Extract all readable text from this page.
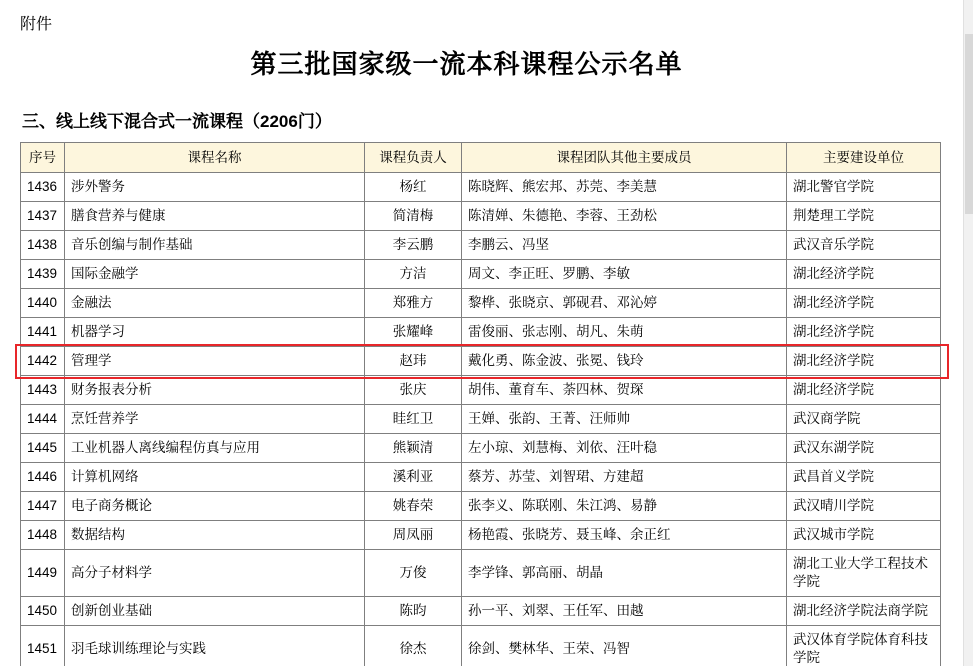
附件
第三批国家级一流本科课程公示名单
三、线上线下混合式一流课程（2206门）
序号	课程名称	课程负责人	课程团队其他主要成员	主要建设单位
1436	涉外警务	杨红	陈晓辉、熊宏邦、苏莞、李美慧	湖北警官学院
1437	膳食营养与健康	简清梅	陈清婵、朱德艳、李蓉、王劲松	荆楚理工学院
1438	音乐创编与制作基础	李云鹏	李鹏云、冯坚	武汉音乐学院
1439	国际金融学	方洁	周文、李正旺、罗鹏、李敏	湖北经济学院
1440	金融法	郑雅方	黎桦、张晓京、郭砚君、邓沁婷	湖北经济学院
1441	机器学习	张耀峰	雷俊丽、张志刚、胡凡、朱萌	湖北经济学院
1442	管理学	赵玮	戴化勇、陈金波、张冕、钱玲	湖北经济学院
1443	财务报表分析	张庆	胡伟、董育车、荼四林、贺琛	湖北经济学院
1444	烹饪营养学	眭红卫	王婵、张韵、王菁、汪师帅	武汉商学院
1445	工业机器人离线编程仿真与应用	熊颖清	左小琼、刘慧梅、刘依、汪叶稳	武汉东湖学院
1446	计算机网络	溪利亚	蔡芳、苏莹、刘智珺、方建超	武昌首义学院
1447	电子商务概论	姚春荣	张李义、陈联刚、朱江鸿、易静	武汉晴川学院
1448	数据结构	周凤丽	杨艳霞、张晓芳、聂玉峰、余正红	武汉城市学院
1449	高分子材料学	万俊	李学锋、郭高丽、胡晶	湖北工业大学工程技术学院
1450	创新创业基础	陈昀	孙一平、刘翠、王任军、田越	湖北经济学院法商学院
1451	羽毛球训练理论与实践	徐杰	徐剑、樊林华、王荣、冯智	武汉体育学院体育科技学院
